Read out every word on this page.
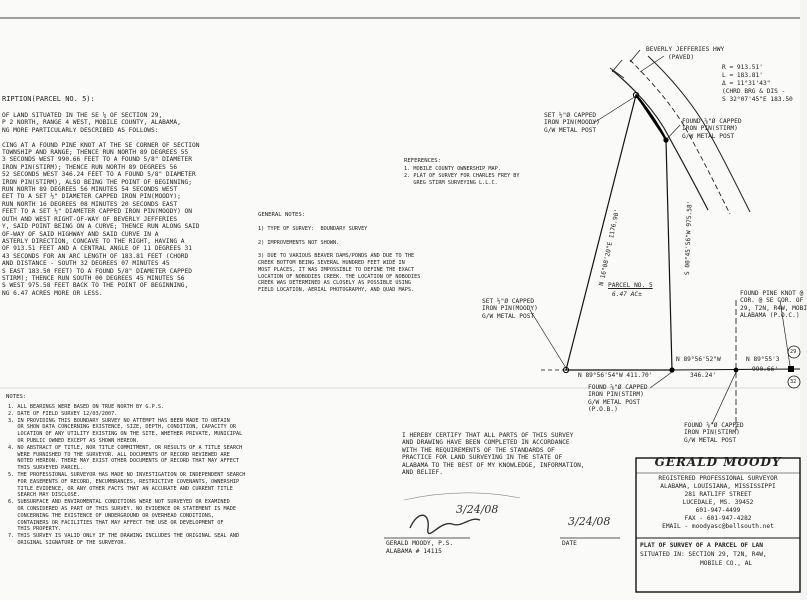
RIPTION(PARCEL NO. 5):
OF LAND SITUATED IN THE SE ¼ OF SECTION 29,
P 2 NORTH, RANGE 4 WEST, MOBILE COUNTY, ALABAMA,
NG MORE PARTICULARLY DESCRIBED AS FOLLOWS:

CING AT A FOUND PINE KNOT AT THE SE CORNER OF SECTION
TOWNSHIP AND RANGE; THENCE RUN NORTH 89 DEGREES 55
3 SECONDS WEST 990.66 FEET TO A FOUND 5/8" DIAMETER
IRON PIN(STIRM); THENCE RUN NORTH 89 DEGREES 56
52 SECONDS WEST 346.24 FEET TO A FOUND 5/8" DIAMETER
IRON PIN(STIRM), ALSO BEING THE POINT OF BEGINNING;
RUN NORTH 89 DEGREES 56 MINUTES 54 SECONDS WEST
EET TO A SET ½" DIAMETER CAPPED IRON PIN(MOODY);
RUN NORTH 16 DEGREES 08 MINUTES 20 SECONDS EAST
FEET TO A SET ½" DIAMETER CAPPED IRON PIN(MOODY) ON
OUTH AND WEST RIGHT-OF-WAY OF BEVERLY JEFFERIES
Y, SAID POINT BEING ON A CURVE; THENCE RUN ALONG SAID
OF-WAY OF SAID HIGHWAY AND SAID CURVE IN A
ASTERLY DIRECTION, CONCAVE TO THE RIGHT, HAVING A
OF 913.51 FEET AND A CENTRAL ANGLE OF 11 DEGREES 31
43 SECONDS FOR AN ARC LENGTH OF 183.81 FEET (CHORD
AND DISTANCE - SOUTH 32 DEGREES 07 MINUTES 45
S EAST 183.50 FEET) TO A FOUND 5/8" DIAMETER CAPPED
STIRM); THENCE RUN SOUTH 00 DEGREES 45 MINUTES 56
S WEST 975.58 FEET BACK TO THE POINT OF BEGINNING,
NG 6.47 ACRES MORE OR LESS.
NOTES:
1. ALL BEARINGS WERE BASED ON TRUE NORTH BY G.P.S.
2. DATE OF FIELD SURVEY 12/03/2007.
3. IN PROVIDING THIS BOUNDARY SURVEY NO ATTEMPT HAS BEEN MADE TO OBTAIN
OR SHOW DATA CONCERNING EXISTENCE, SIZE, DEPTH, CONDITION, CAPACITY OR
LOCATION OF ANY UTILITY EXISTING ON THE SITE, WHETHER PRIVATE, MUNICIPAL
OR PUBLIC OWNED EXCEPT AS SHOWN HEREON.
4. NO ABSTRACT OF TITLE, NOR TITLE COMMITMENT, OR RESULTS OF A TITLE SEARCH
WERE FURNISHED TO THE SURVEYOR. ALL DOCUMENTS OF RECORD REVIEWED ARE
NOTED HEREON. THERE MAY EXIST OTHER DOCUMENTS OF RECORD THAT MAY AFFECT
THIS SURVEYED PARCEL.
5. THE PROFESSIONAL SURVEYOR HAS MADE NO INVESTIGATION OR INDEPENDENT SEARCH
FOR EASEMENTS OF RECORD, ENCUMBRANCES, RESTRICTIVE COVENANTS, OWNERSHIP
TITLE EVIDENCE, OR ANY OTHER FACTS THAT AN ACCURATE AND CURRENT TITLE
SEARCH MAY DISCLOSE.
6. SUBSURFACE AND ENVIROMENTAL CONDITIONS WERE NOT SURVEYED OR EXAMINED
OR CONSIDERED AS PART OF THIS SURVEY. NO EVIDENCE OR STATEMENT IS MADE
CONCERNING THE EXISTENCE OF UNDERGROUND OR OVERHEAD CONDITIONS,
CONTAINERS OR FACILITIES THAT MAY AFFECT THE USE OR DEVELOPMENT OF
THIS PROPERTY.
7. THIS SURVEY IS VALID ONLY IF THE DRAWING INCLUDES THE ORIGINAL SEAL AND
ORIGINAL SIGNATURE OF THE SURVEYOR.
GENERAL NOTES:
1) TYPE OF SURVEY:  BOUNDARY SURVEY

2) IMPROVEMENTS NOT SHOWN.

3) DUE TO VARIOUS BEAVER DAMS/PONDS AND DUE TO THE
CREEK BOTTOM BEING SEVERAL HUNDRED FEET WIDE IN
MOST PLACES, IT WAS IMPOSSIBLE TO DEFINE THE EXACT
LOCATION OF NOBODIES CREEK. THE LOCATION OF NOBODIES
CREEK WAS DETERMINED AS CLOSELY AS POSSIBLE USING
FIELD LOCATION, AERIAL PHOTOGRAPHY, AND QUAD MAPS.
REFERENCES:
1. MOBILE COUNTY OWNERSHIP MAP.
2. PLAT OF SURVEY FOR CHARLES FREY BY
GREG STIRM SURVEYING L.L.C.
BEVERLY JEFFERIES HWY
(PAVED)
R = 913.51'
L = 183.81'
Δ = 11°31'43"
(CHRD BRG & DIS -
S 32°07'45"E 183.50
SET ½"Ø CAPPED
IRON PIN(MOODY)
G/W METAL POST
FOUND ⅝"Ø CAPPED
IRON PIN(STIRM)
G/W METAL POST
N 16°08'20"E 1176.90'	S 00°45'56"W 975.58'
PARCEL NO. 5
6.47 AC±
SET ½"Ø CAPPED
IRON PIN(MOODY)
G/W METAL POST
N 89°56'54"W 411.70'
FOUND ⅝"Ø CAPPED
IRON PIN(STIRM)
G/W METAL POST
(P.O.B.)
N 89°56'52"W
346.24'
N 89°55'3
990.66'
FOUND PINE KNOT @
COR. @ SE COR. OF
29, T2N, R4W, MOBI
ALABAMA (P.O.C.)
FOUND ⅝"Ø CAPPED
IRON PIN(STIRM)
G/W METAL POST
29
32
I HEREBY CERTIFY THAT ALL PARTS OF THIS SURVEY
AND DRAWING HAVE BEEN COMPLETED IN ACCORDANCE
WITH THE REQUIREMENTS OF THE STANDARDS OF
PRACTICE FOR LAND SURVEYING IN THE STATE OF
ALABAMA TO THE BEST OF MY KNOWLEDGE, INFORMATION,
AND BELIEF.
3/24/08
3/24/08
GERALD MOODY, P.S.
ALABAMA # 14115
DATE
GERALD MOODY
REGISTERED PROFESSIONAL SURVEYOR
ALABAMA, LOUISIANA, MISSISSIPPI
281 RATLIFF STREET
LUCEDALE, MS. 39452
601-947-4499
FAX - 601-947-4282
EMAIL - moodyasc@bellsouth.net
PLAT OF SURVEY OF A PARCEL OF LAN
SITUATED IN: SECTION 29, T2N, R4W,
MOBILE CO., AL
